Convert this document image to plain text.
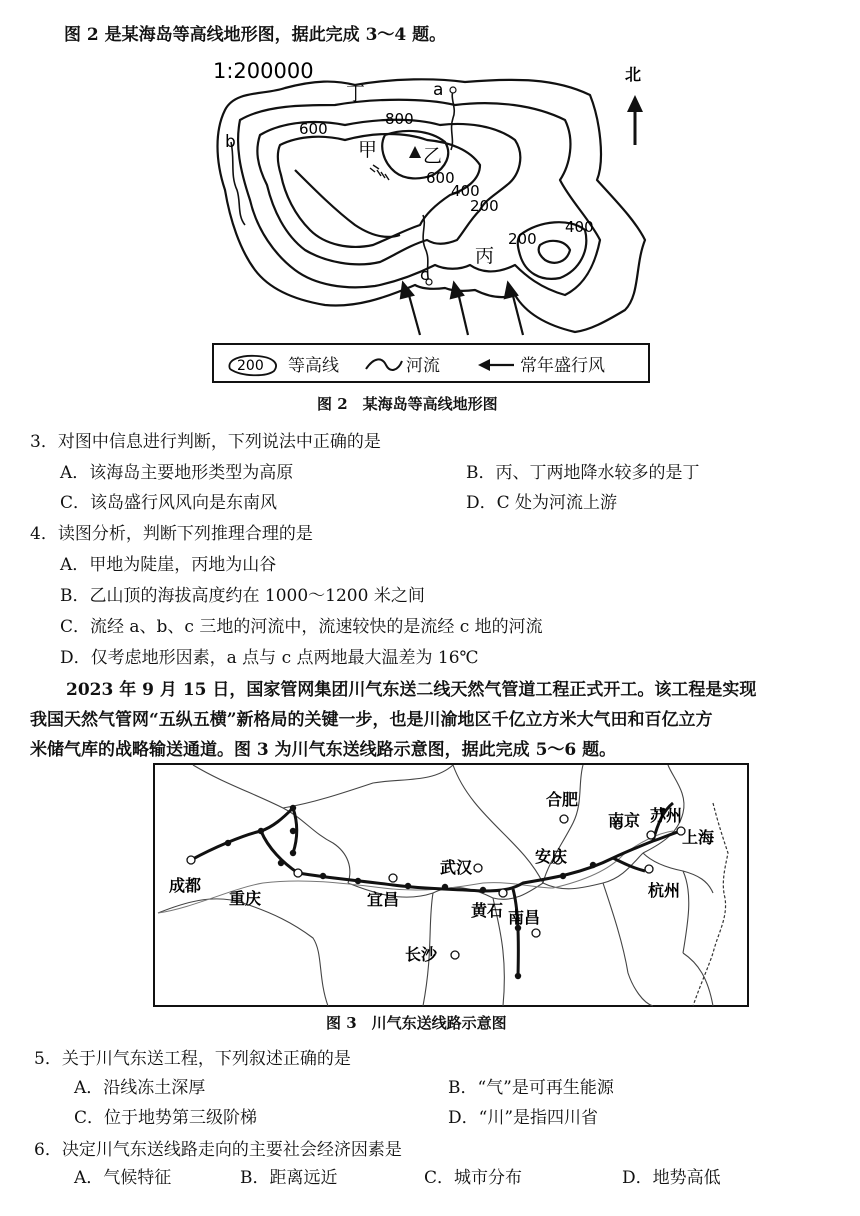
图 2 是某海岛等高线地形图，据此完成 3～4 题。
1:200000	北
丁	a
b
c
甲 乙
丙
800
600
600
400
200
200
400
200 等高线	河流	常年盛行风
图 2　某海岛等高线地形图
3．对图中信息进行判断，下列说法中正确的是
A．该海岛主要地形类型为高原	B．丙、丁两地降水较多的是丁
C．该岛盛行风风向是东南风	D．C 处为河流上游
4．读图分析，判断下列推理合理的是
A．甲地为陡崖，丙地为山谷
B．乙山顶的海拔高度约在 1000～1200 米之间
C．流经 a、b、c 三地的河流中，流速较快的是流经 c 地的河流
D．仅考虑地形因素，a 点与 c 点两地最大温差为 16℃
2023 年 9 月 15 日，国家管网集团川气东送二线天然气管道工程正式开工。该工程是实现
我国天然气管网“五纵五横”新格局的关键一步，也是川渝地区千亿立方米大气田和百亿立方
米储气库的战略输送通道。图 3 为川气东送线路示意图，据此完成 5～6 题。
成都
重庆	宜昌
武汉
长沙
黄石 南昌
安庆
合肥
南京 苏州
上海
杭州
图 3　川气东送线路示意图
5．关于川气东送工程，下列叙述正确的是
A．沿线冻土深厚	B．“气”是可再生能源
C．位于地势第三级阶梯	D．“川”是指四川省
6．决定川气东送线路走向的主要社会经济因素是
A．气候特征	B．距离远近	C．城市分布	D．地势高低
